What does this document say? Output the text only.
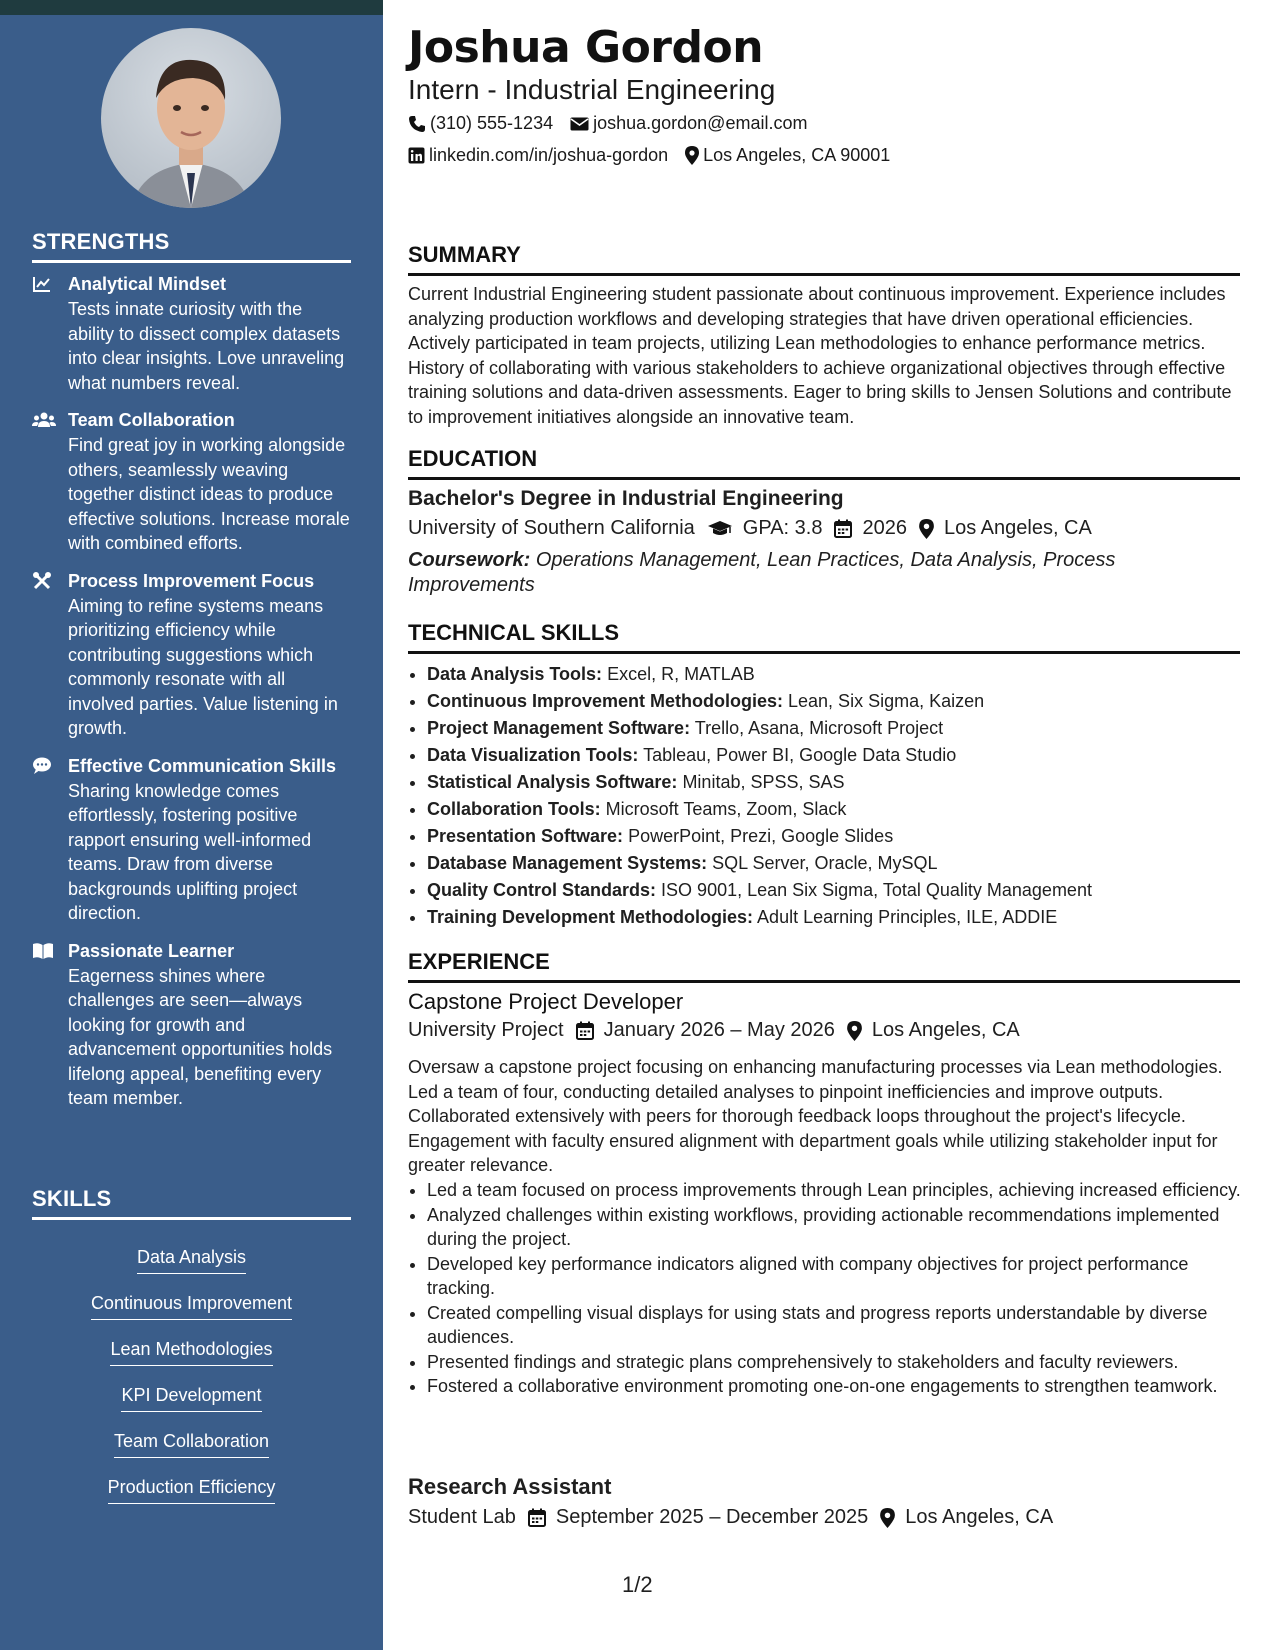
STRENGTHS
Analytical Mindset
Tests innate curiosity with the ability to dissect complex datasets into clear insights. Love unraveling what numbers reveal.
Team Collaboration
Find great joy in working alongside others, seamlessly weaving together distinct ideas to produce effective solutions. Increase morale with combined efforts.
Process Improvement Focus
Aiming to refine systems means prioritizing efficiency while contributing suggestions which commonly resonate with all involved parties. Value listening in growth.
Effective Communication Skills
Sharing knowledge comes effortlessly, fostering positive rapport ensuring well-informed teams. Draw from diverse backgrounds uplifting project direction.
Passionate Learner
Eagerness shines where challenges are seen—always looking for growth and advancement opportunities holds lifelong appeal, benefiting every team member.
SKILLS
Data Analysis
Continuous Improvement
Lean Methodologies
KPI Development
Team Collaboration
Production Efficiency
Joshua Gordon
Intern - Industrial Engineering
(310) 555-1234 joshua.gordon@email.com
linkedin.com/in/joshua-gordon Los Angeles, CA 90001
SUMMARY
Current Industrial Engineering student passionate about continuous improvement. Experience includes analyzing production workflows and developing strategies that have driven operational efficiencies. Actively participated in team projects, utilizing Lean methodologies to enhance performance metrics. History of collaborating with various stakeholders to achieve organizational objectives through effective training solutions and data-driven assessments. Eager to bring skills to Jensen Solutions and contribute to improvement initiatives alongside an innovative team.
EDUCATION
Bachelor's Degree in Industrial Engineering
University of Southern California GPA: 3.8 2026 Los Angeles, CA
Coursework: Operations Management, Lean Practices, Data Analysis, Process Improvements
TECHNICAL SKILLS
• Data Analysis Tools: Excel, R, MATLAB
• Continuous Improvement Methodologies: Lean, Six Sigma, Kaizen
• Project Management Software: Trello, Asana, Microsoft Project
• Data Visualization Tools: Tableau, Power BI, Google Data Studio
• Statistical Analysis Software: Minitab, SPSS, SAS
• Collaboration Tools: Microsoft Teams, Zoom, Slack
• Presentation Software: PowerPoint, Prezi, Google Slides
• Database Management Systems: SQL Server, Oracle, MySQL
• Quality Control Standards: ISO 9001, Lean Six Sigma, Total Quality Management
• Training Development Methodologies: Adult Learning Principles, ILE, ADDIE
EXPERIENCE
Capstone Project Developer
University Project January 2026 – May 2026 Los Angeles, CA
Oversaw a capstone project focusing on enhancing manufacturing processes via Lean methodologies. Led a team of four, conducting detailed analyses to pinpoint inefficiencies and improve outputs. Collaborated extensively with peers for thorough feedback loops throughout the project's lifecycle. Engagement with faculty ensured alignment with department goals while utilizing stakeholder input for greater relevance.
• Led a team focused on process improvements through Lean principles, achieving increased efficiency.
• Analyzed challenges within existing workflows, providing actionable recommendations implemented during the project.
• Developed key performance indicators aligned with company objectives for project performance tracking.
• Created compelling visual displays for using stats and progress reports understandable by diverse audiences.
• Presented findings and strategic plans comprehensively to stakeholders and faculty reviewers.
• Fostered a collaborative environment promoting one-on-one engagements to strengthen teamwork.
Research Assistant
Student Lab September 2025 – December 2025 Los Angeles, CA
1/2
